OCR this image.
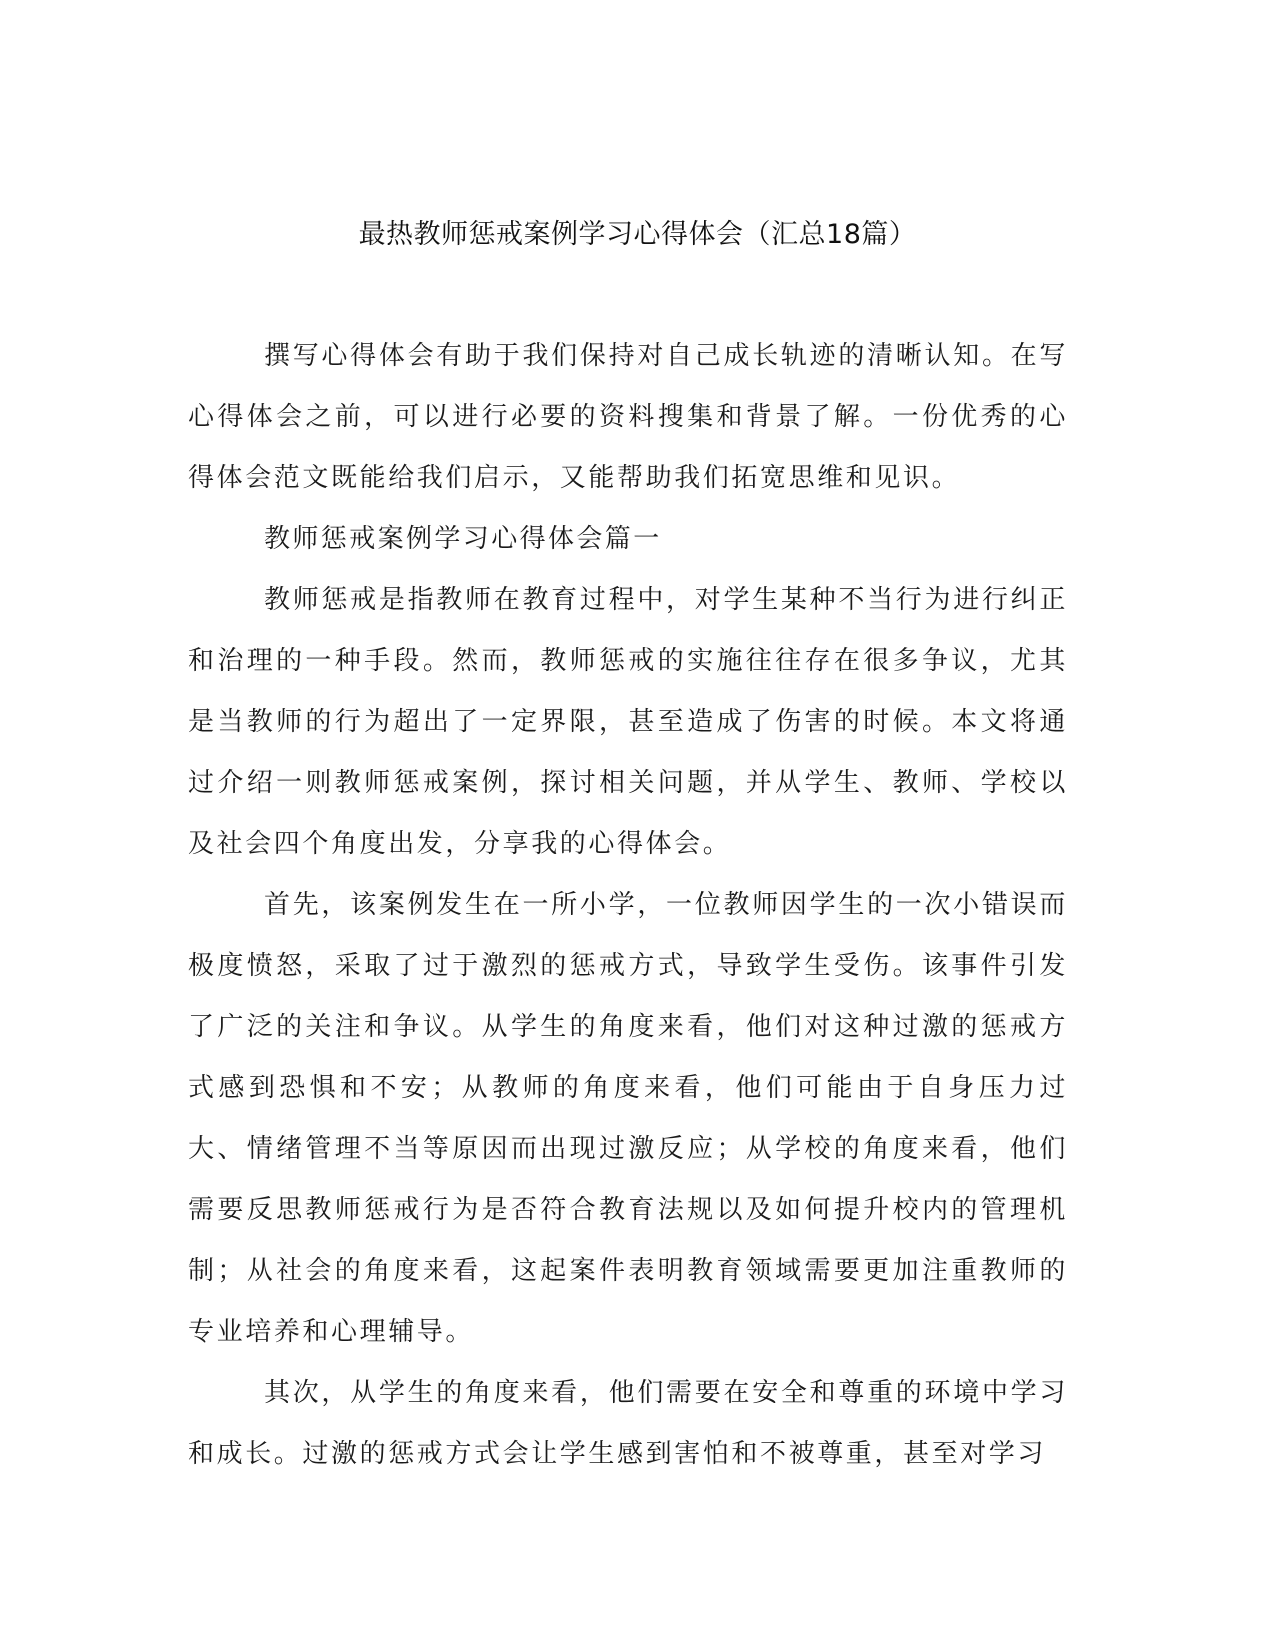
最热教师惩戒案例学习心得体会（汇总18篇）

撰写心得体会有助于我们保持对自己成长轨迹的清晰认知。在写心得体会之前，可以进行必要的资料搜集和背景了解。一份优秀的心得体会范文既能给我们启示，又能帮助我们拓宽思维和见识。

教师惩戒案例学习心得体会篇一

教师惩戒是指教师在教育过程中，对学生某种不当行为进行纠正和治理的一种手段。然而，教师惩戒的实施往往存在很多争议，尤其是当教师的行为超出了一定界限，甚至造成了伤害的时候。本文将通过介绍一则教师惩戒案例，探讨相关问题，并从学生、教师、学校以及社会四个角度出发，分享我的心得体会。

首先，该案例发生在一所小学，一位教师因学生的一次小错误而极度愤怒，采取了过于激烈的惩戒方式，导致学生受伤。该事件引发了广泛的关注和争议。从学生的角度来看，他们对这种过激的惩戒方式感到恐惧和不安；从教师的角度来看，他们可能由于自身压力过大、情绪管理不当等原因而出现过激反应；从学校的角度来看，他们需要反思教师惩戒行为是否符合教育法规以及如何提升校内的管理机制；从社会的角度来看，这起案件表明教育领域需要更加注重教师的专业培养和心理辅导。

其次，从学生的角度来看，他们需要在安全和尊重的环境中学习和成长。过激的惩戒方式会让学生感到害怕和不被尊重，甚至对学习
